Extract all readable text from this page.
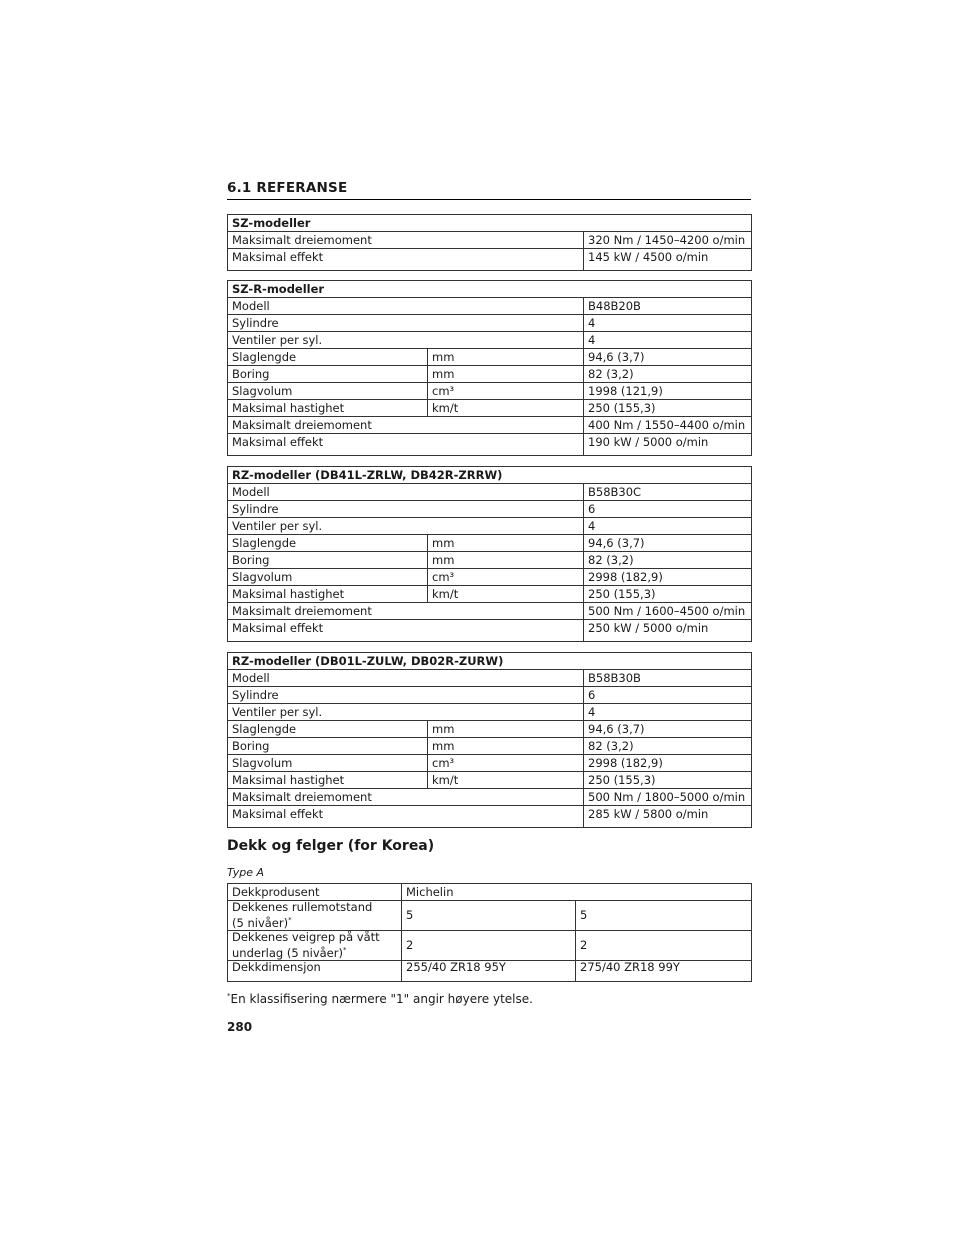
6.1 REFERANSE
SZ-modeller	
Maksimalt dreiemoment	320 Nm / 1450–4200 o/min
Maksimal effekt	145 kW / 4500 o/min
SZ-R-modeller		
Modell		B48B20B
Sylindre		4
Ventiler per syl.		4
Slaglengde	mm	94,6 (3,7)
Boring	mm	82 (3,2)
Slagvolum	cm³	1998 (121,9)
Maksimal hastighet	km/t	250 (155,3)
Maksimalt dreiemoment		400 Nm / 1550–4400 o/min
Maksimal effekt		190 kW / 5000 o/min
RZ-modeller (DB41L-ZRLW, DB42R-ZRRW)		
Modell		B58B30C
Sylindre		6
Ventiler per syl.		4
Slaglengde	mm	94,6 (3,7)
Boring	mm	82 (3,2)
Slagvolum	cm³	2998 (182,9)
Maksimal hastighet	km/t	250 (155,3)
Maksimalt dreiemoment		500 Nm / 1600–4500 o/min
Maksimal effekt		250 kW / 5000 o/min
RZ-modeller (DB01L-ZULW, DB02R-ZURW)		
Modell		B58B30B
Sylindre		6
Ventiler per syl.		4
Slaglengde	mm	94,6 (3,7)
Boring	mm	82 (3,2)
Slagvolum	cm³	2998 (182,9)
Maksimal hastighet	km/t	250 (155,3)
Maksimalt dreiemoment		500 Nm / 1800–5000 o/min
Maksimal effekt		285 kW / 5800 o/min
Dekk og felger (for Korea)
Type A
Dekkprodusent	Michelin	
Dekkenes rullemotstand
(5 nivåer)*	5	5
Dekkenes veigrep på vått
underlag (5 nivåer)*	2	2
Dekkdimensjon	255/40 ZR18 95Y	275/40 ZR18 99Y
*En klassifisering nærmere "1" angir høyere ytelse.
280
